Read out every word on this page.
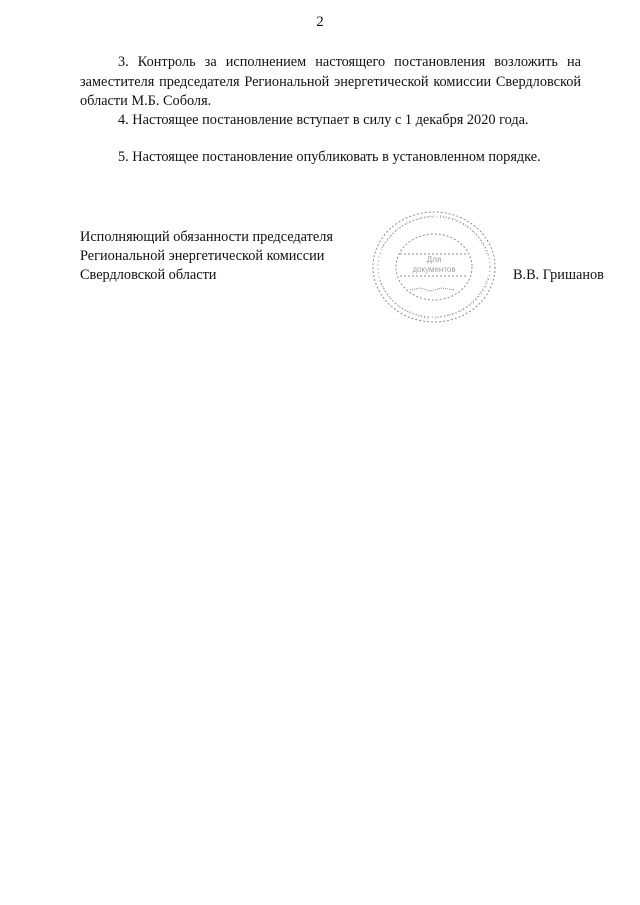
2

3. Контроль за исполнением настоящего постановления возложить на заместителя председателя Региональной энергетической комиссии Свердловской области М.Б. Соболя.

4. Настоящее постановление вступает в силу с 1 декабря 2020 года.

5. Настоящее постановление опубликовать в установленном порядке.

Исполняющий обязанности председателя
Региональной энергетической комиссии
Свердловской области
Для
документов	В.В. Гришанов
